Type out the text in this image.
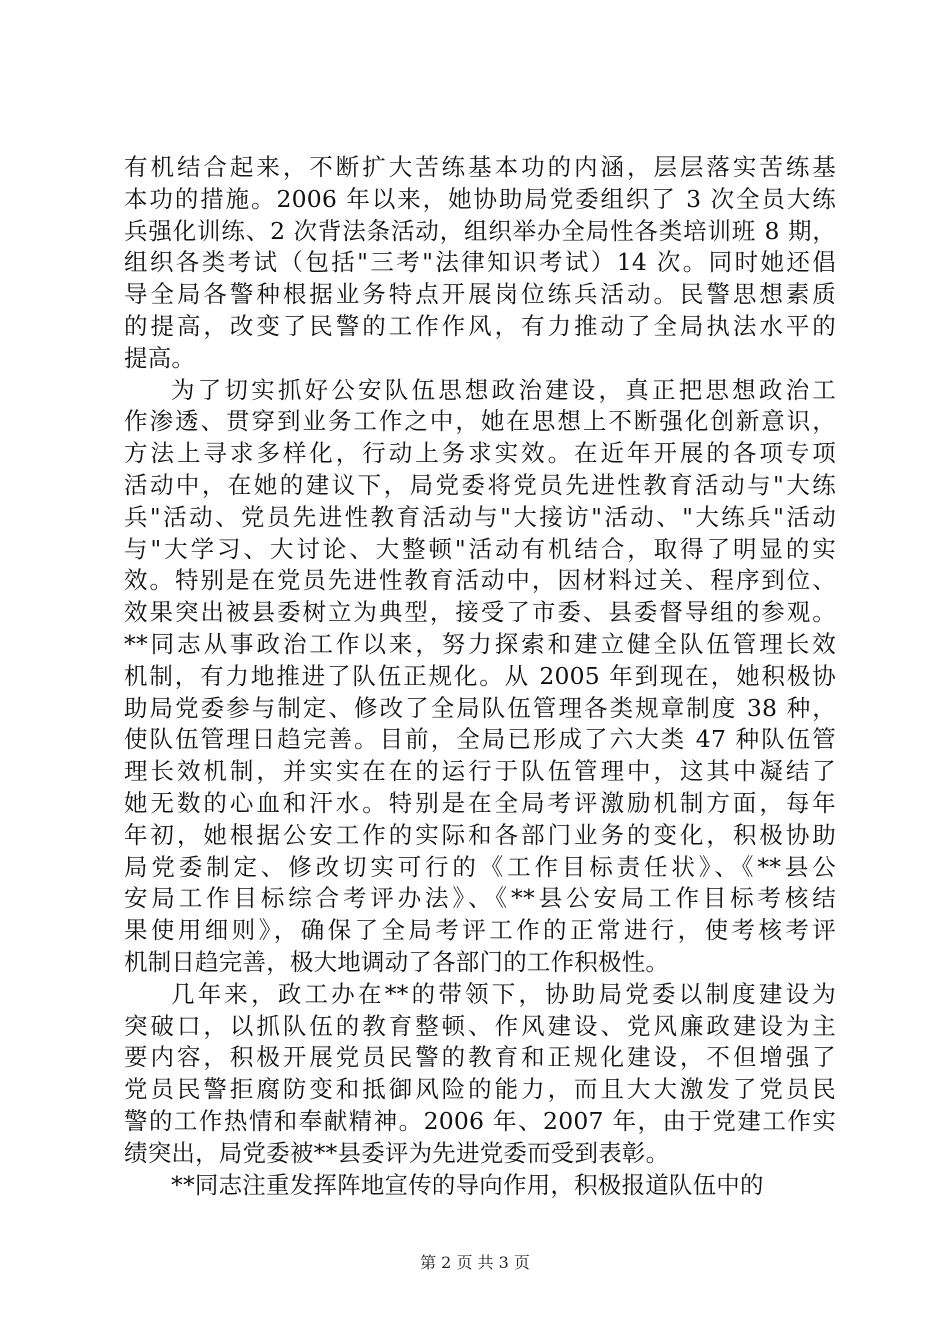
有机结合起来，不断扩大苦练基本功的内涵，层层落实苦练基
本功的措施。2006 年以来，她协助局党委组织了 3 次全员大练
兵强化训练、2 次背法条活动，组织举办全局性各类培训班 8 期，
组织各类考试（包括"三考"法律知识考试）14 次。同时她还倡
导全局各警种根据业务特点开展岗位练兵活动。民警思想素质
的提高，改变了民警的工作作风，有力推动了全局执法水平的
提高。

为了切实抓好公安队伍思想政治建设，真正把思想政治工
作渗透、贯穿到业务工作之中，她在思想上不断强化创新意识，
方法上寻求多样化，行动上务求实效。在近年开展的各项专项
活动中，在她的建议下，局党委将党员先进性教育活动与"大练
兵"活动、党员先进性教育活动与"大接访"活动、"大练兵"活动
与"大学习、大讨论、大整顿"活动有机结合，取得了明显的实
效。特别是在党员先进性教育活动中，因材料过关、程序到位、
效果突出被县委树立为典型，接受了市委、县委督导组的参观。
**同志从事政治工作以来，努力探索和建立健全队伍管理长效
机制，有力地推进了队伍正规化。从 2005 年到现在，她积极协
助局党委参与制定、修改了全局队伍管理各类规章制度 38 种，
使队伍管理日趋完善。目前，全局已形成了六大类 47 种队伍管
理长效机制，并实实在在的运行于队伍管理中，这其中凝结了
她无数的心血和汗水。特别是在全局考评激励机制方面，每年
年初，她根据公安工作的实际和各部门业务的变化，积极协助
局党委制定、修改切实可行的《工作目标责任状》、《**县公
安局工作目标综合考评办法》、《**县公安局工作目标考核结
果使用细则》，确保了全局考评工作的正常进行，使考核考评
机制日趋完善，极大地调动了各部门的工作积极性。

几年来，政工办在**的带领下，协助局党委以制度建设为
突破口，以抓队伍的教育整顿、作风建设、党风廉政建设为主
要内容，积极开展党员民警的教育和正规化建设，不但增强了
党员民警拒腐防变和抵御风险的能力，而且大大激发了党员民
警的工作热情和奉献精神。2006 年、2007 年，由于党建工作实
绩突出，局党委被**县委评为先进党委而受到表彰。

**同志注重发挥阵地宣传的导向作用，积极报道队伍中的

第 2 页 共 3 页
